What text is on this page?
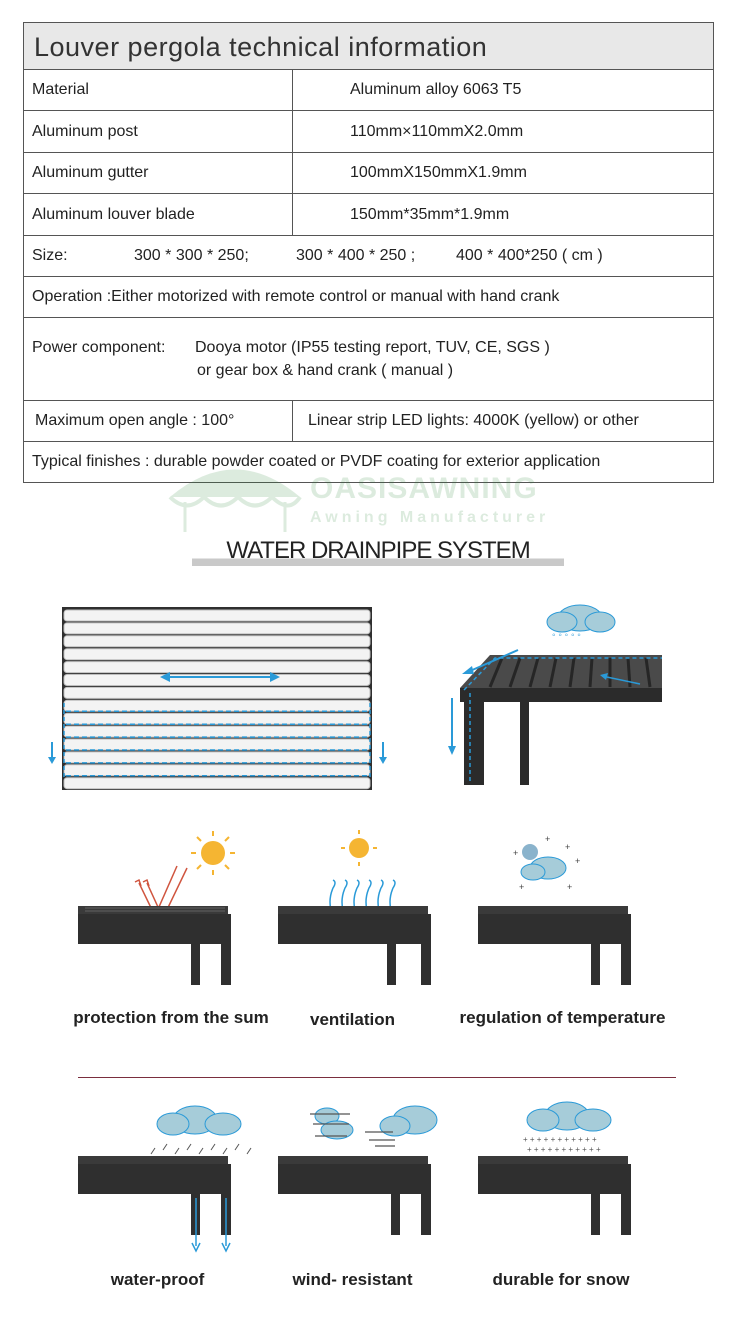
Louver pergola technical information
Material	Aluminum alloy 6063 T5
Aluminum post	110mm×110mmX2.0mm
Aluminum gutter	100mmX150mmX1.9mm
Aluminum louver blade	150mm*35mm*1.9mm
Size:	300 * 300 * 250;	300 * 400 * 250 ;	400 * 400*250 ( cm )
Operation :Either motorized with remote control or manual with hand crank
Power component: Dooya motor (IP55 testing report, TUV, CE, SGS )
or gear box & hand crank ( manual )
Maximum open angle : 100°	Linear strip LED lights: 4000K (yellow) or other
Typical finishes : durable powder coated or PVDF coating for exterior application
OASISAWNING
Awning Manufacturer
WATER DRAINPIPE SYSTEM
◦ ◦ ◦ ◦ ◦
protection from the sum	ventilation
+
+
+
+	+
+
regulation of temperature
water-proof	wind- resistant
+ + + + + + + + + + +
+ + + + + + + + + + +
durable for snow
